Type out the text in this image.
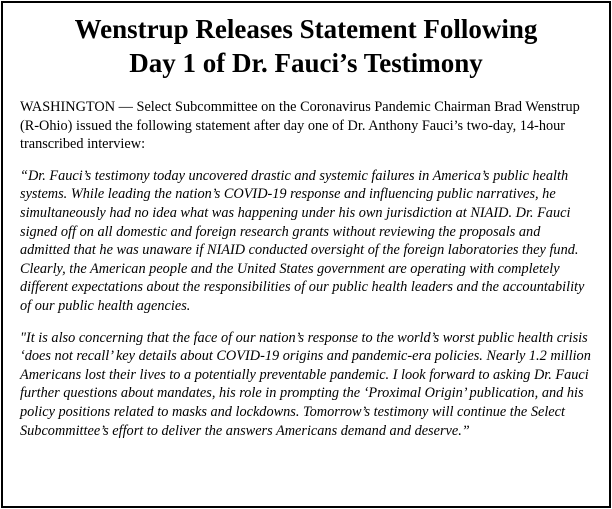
Wenstrup Releases Statement Following
Day 1 of Dr. Fauci’s Testimony

WASHINGTON — Select Subcommittee on the Coronavirus Pandemic Chairman Brad Wenstrup (R-Ohio) issued the following statement after day one of Dr. Anthony Fauci’s two-day, 14-hour transcribed interview:

“Dr. Fauci’s testimony today uncovered drastic and systemic failures in America’s public health systems. While leading the nation’s COVID-19 response and influencing public narratives, he simultaneously had no idea what was happening under his own jurisdiction at NIAID. Dr. Fauci signed off on all domestic and foreign research grants without reviewing the proposals and admitted that he was unaware if NIAID conducted oversight of the foreign laboratories they fund. Clearly, the American people and the United States government are operating with completely different expectations about the responsibilities of our public health leaders and the accountability of our public health agencies.

"It is also concerning that the face of our nation’s response to the world’s worst public health crisis ‘does not recall’ key details about COVID-19 origins and pandemic-era policies. Nearly 1.2 million Americans lost their lives to a potentially preventable pandemic. I look forward to asking Dr. Fauci further questions about mandates, his role in prompting the ‘Proximal Origin’ publication, and his policy positions related to masks and lockdowns. Tomorrow’s testimony will continue the Select Subcommittee’s effort to deliver the answers Americans demand and deserve.”
